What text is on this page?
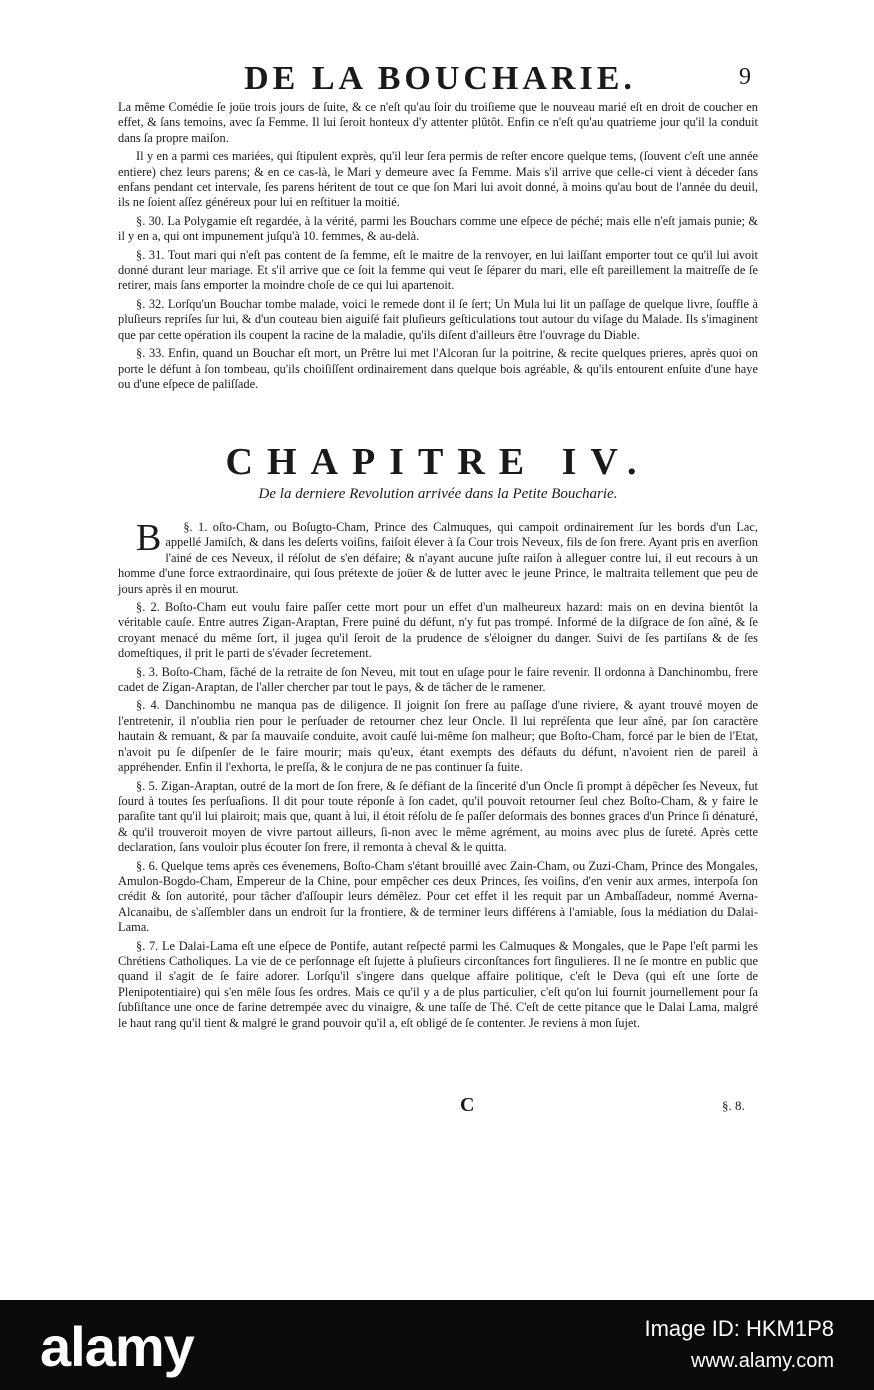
DE LA BOUCHARIE.	9

La même Comédie ſe joüe trois jours de ſuite, & ce n'eſt qu'au ſoir du troiſieme que le nouveau marié eſt en droit de coucher en effet, & ſans temoins, avec ſa Femme. Il lui ſeroit honteux d'y attenter plûtôt. Enfin ce n'eſt qu'au quatrieme jour qu'il la conduit dans ſa propre maiſon.

Il y en a parmi ces mariées, qui ſtipulent exprès, qu'il leur ſera permis de reſter encore quelque tems, (ſouvent c'eſt une année entiere) chez leurs parens; & en ce cas-là, le Mari y demeure avec ſa Femme. Mais s'il arrive que celle-ci vient à déceder ſans enfans pendant cet intervale, ſes parens héritent de tout ce que ſon Mari lui avoit donné, à moins qu'au bout de l'année du deuil, ils ne ſoient aſſez généreux pour lui en reſtituer la moitié.

§. 30. La Polygamie eſt regardée, à la vérité, parmi les Bouchars comme une eſpece de péché; mais elle n'eſt jamais punie; & il y en a, qui ont impunement juſqu'à 10. femmes, & au-delà.

§. 31. Tout mari qui n'eſt pas content de ſa femme, eſt le maitre de la renvoyer, en lui laiſſant emporter tout ce qu'il lui avoit donné durant leur mariage. Et s'il arrive que ce ſoit la femme qui veut ſe ſéparer du mari, elle eſt pareillement la maitreſſe de ſe retirer, mais ſans emporter la moindre choſe de ce qui lui apartenoit.

§. 32. Lorſqu'un Bouchar tombe malade, voici le remede dont il ſe ſert; Un Mula lui lit un paſſage de quelque livre, ſouffle à pluſieurs repriſes ſur lui, & d'un couteau bien aiguiſé fait pluſieurs geſticulations tout autour du viſage du Malade. Ils s'imaginent que par cette opération ils coupent la racine de la maladie, qu'ils diſent d'ailleurs être l'ouvrage du Diable.

§. 33. Enfin, quand un Bouchar eſt mort, un Prêtre lui met l'Alcoran ſur la poitrine, & recite quelques prieres, après quoi on porte le défunt à ſon tombeau, qu'ils choiſiſſent ordinairement dans quelque bois agréable, & qu'ils entourent enſuite d'une haye ou d'une eſpece de paliſſade.

CHAPITRE IV.
De la derniere Revolution arrivée dans la Petite Boucharie.

§. 1.
B	oſto-Cham, ou Boſugto-Cham, Prince des Calmuques, qui campoit ordinairement ſur les bords d'un Lac, appellé Jamiſch, & dans les deſerts voiſins, faiſoit élever à ſa Cour trois Neveux, fils de ſon frere. Ayant pris en averſion l'ainé de ces Neveux, il réſolut de s'en défaire; & n'ayant aucune juſte raiſon à alleguer contre lui, il eut recours à un homme d'une force extraordinaire, qui ſous prétexte de joüer & de lutter avec le jeune Prince, le maltraita tellement que peu de jours après il en mourut.

§. 2. Boſto-Cham eut voulu faire paſſer cette mort pour un effet d'un malheureux hazard: mais on en devina bientôt la véritable cauſe. Entre autres Zigan-Araptan, Frere puiné du défunt, n'y fut pas trompé. Informé de la diſgrace de ſon aîné, & ſe croyant menacé du même ſort, il jugea qu'il ſeroit de la prudence de s'éloigner du danger. Suivi de ſes partiſans & de ſes domeſtiques, il prit le parti de s'évader ſecretement.

§. 3. Boſto-Cham, fâché de la retraite de ſon Neveu, mit tout en uſage pour le faire revenir. Il ordonna à Danchinombu, frere cadet de Zigan-Araptan, de l'aller chercher par tout le pays, & de tâcher de le ramener.

§. 4. Danchinombu ne manqua pas de diligence. Il joignit ſon frere au paſſage d'une riviere, & ayant trouvé moyen de l'entretenir, il n'oublia rien pour le perſuader de retourner chez leur Oncle. Il lui repréſenta que leur aîné, par ſon caractère hautain & remuant, & par ſa mauvaiſe conduite, avoit cauſé lui-même ſon malheur; que Boſto-Cham, forcé par le bien de l'Etat, n'avoit pu ſe diſpenſer de le faire mourir; mais qu'eux, étant exempts des défauts du défunt, n'avoient rien de pareil à appréhender. Enfin il l'exhorta, le preſſa, & le conjura de ne pas continuer ſa fuite.

§. 5. Zigan-Araptan, outré de la mort de ſon frere, & ſe défiant de la ſincerité d'un Oncle ſi prompt à dépêcher ſes Neveux, fut ſourd à toutes ſes perſuaſions. Il dit pour toute réponſe à ſon cadet, qu'il pouvoit retourner ſeul chez Boſto-Cham, & y faire le paraſite tant qu'il lui plairoit; mais que, quant à lui, il étoit réſolu de ſe paſſer deſormais des bonnes graces d'un Prince ſi dénaturé, & qu'il trouveroit moyen de vivre partout ailleurs, ſi-non avec le même agrément, au moins avec plus de ſureté. Après cette declaration, ſans vouloir plus écouter ſon frere, il remonta à cheval & le quitta.

§. 6. Quelque tems après ces évenemens, Boſto-Cham s'étant brouillé avec Zain-Cham, ou Zuzi-Cham, Prince des Mongales, Amulon-Bogdo-Cham, Empereur de la Chine, pour empêcher ces deux Princes, ſes voiſins, d'en venir aux armes, interpoſa ſon crédit & ſon autorité, pour tâcher d'aſſoupir leurs démêlez. Pour cet effet il les requit par un Ambaſſadeur, nommé Averna-Alcanaibu, de s'aſſembler dans un endroit ſur la frontiere, & de terminer leurs différens à l'amiable, ſous la médiation du Dalai-Lama.

§. 7. Le Dalai-Lama eſt une eſpece de Pontife, autant reſpecté parmi les Calmuques & Mongales, que le Pape l'eſt parmi les Chrétiens Catholiques. La vie de ce perſonnage eſt ſujette à pluſieurs circonſtances fort ſingulieres. Il ne ſe montre en public que quand il s'agit de ſe faire adorer. Lorſqu'il s'ingere dans quelque affaire politique, c'eſt le Deva (qui eſt une ſorte de Plenipotentiaire) qui s'en mêle ſous ſes ordres. Mais ce qu'il y a de plus particulier, c'eſt qu'on lui fournit journellement pour ſa ſubſiſtance une once de farine detrempée avec du vinaigre, & une taſſe de Thé. C'eſt de cette pitance que le Dalai Lama, malgré le haut rang qu'il tient & malgré le grand pouvoir qu'il a, eſt obligé de ſe contenter. Je reviens à mon ſujet.

C	§. 8.
alamy	Image ID: HKM1P8
www.alamy.com
